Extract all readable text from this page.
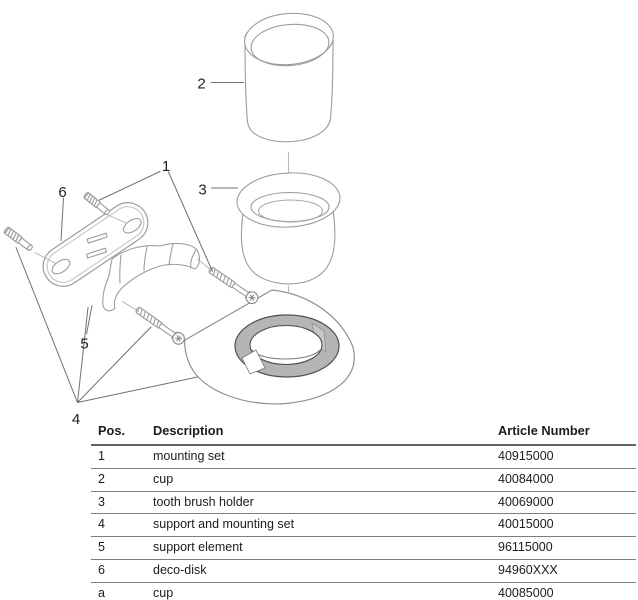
1
2
3
4
5
6
Pos.	Description	Article Number
1	mounting set	40915000
2	cup	40084000
3	tooth brush holder	40069000
4	support and mounting set	40015000
5	support element	96115000
6	deco-disk	94960XXX
a	cup	40085000
